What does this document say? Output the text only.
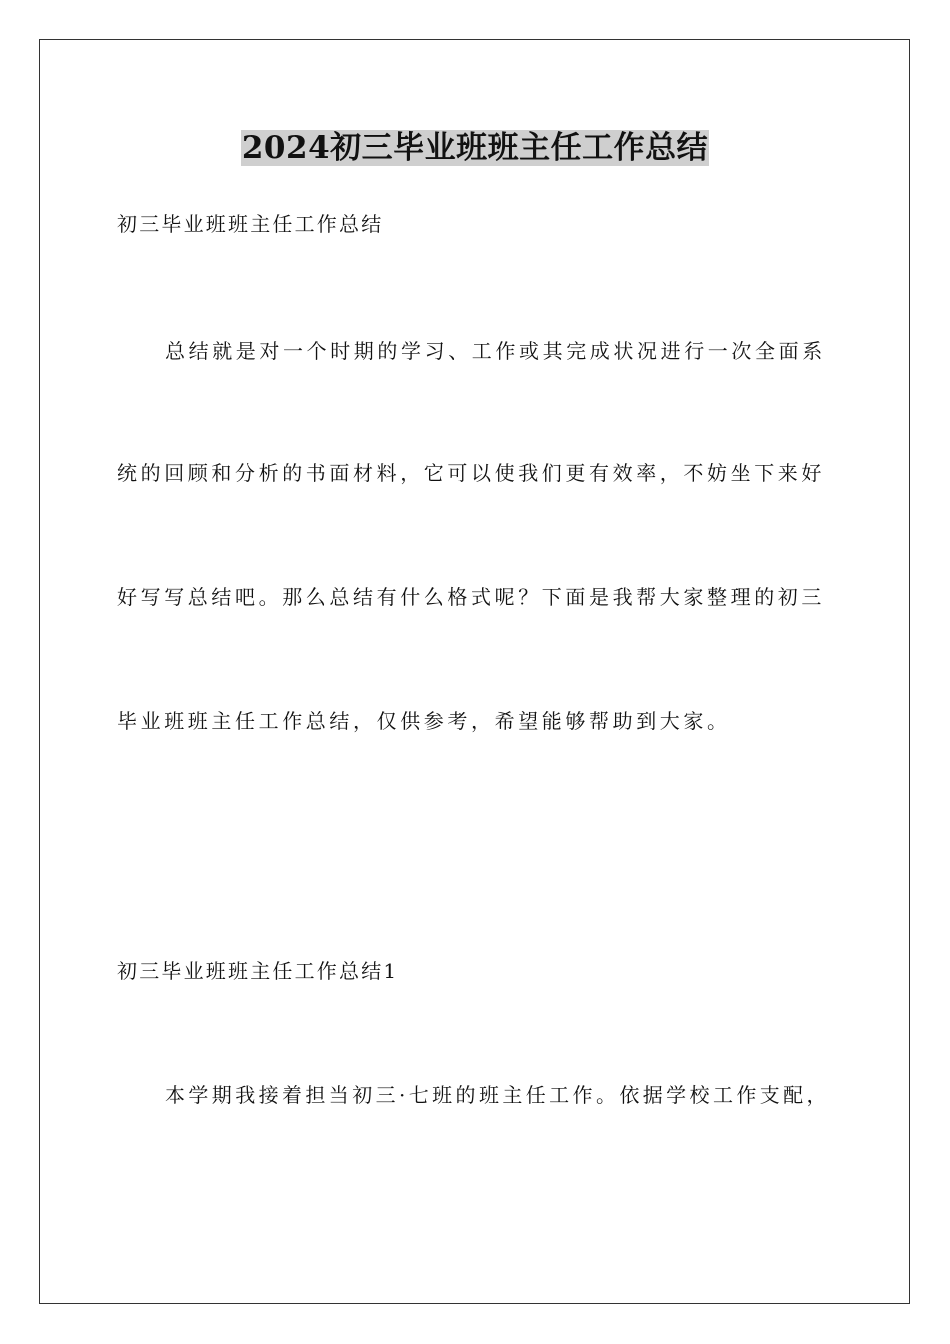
2024初三毕业班班主任工作总结
初三毕业班班主任工作总结
总结就是对一个时期的学习、工作或其完成状况进行一次全面系
统的回顾和分析的书面材料，它可以使我们更有效率，不妨坐下来好
好写写总结吧。那么总结有什么格式呢？下面是我帮大家整理的初三
毕业班班主任工作总结，仅供参考，希望能够帮助到大家。
初三毕业班班主任工作总结1
本学期我接着担当初三·七班的班主任工作。依据学校工作支配，
